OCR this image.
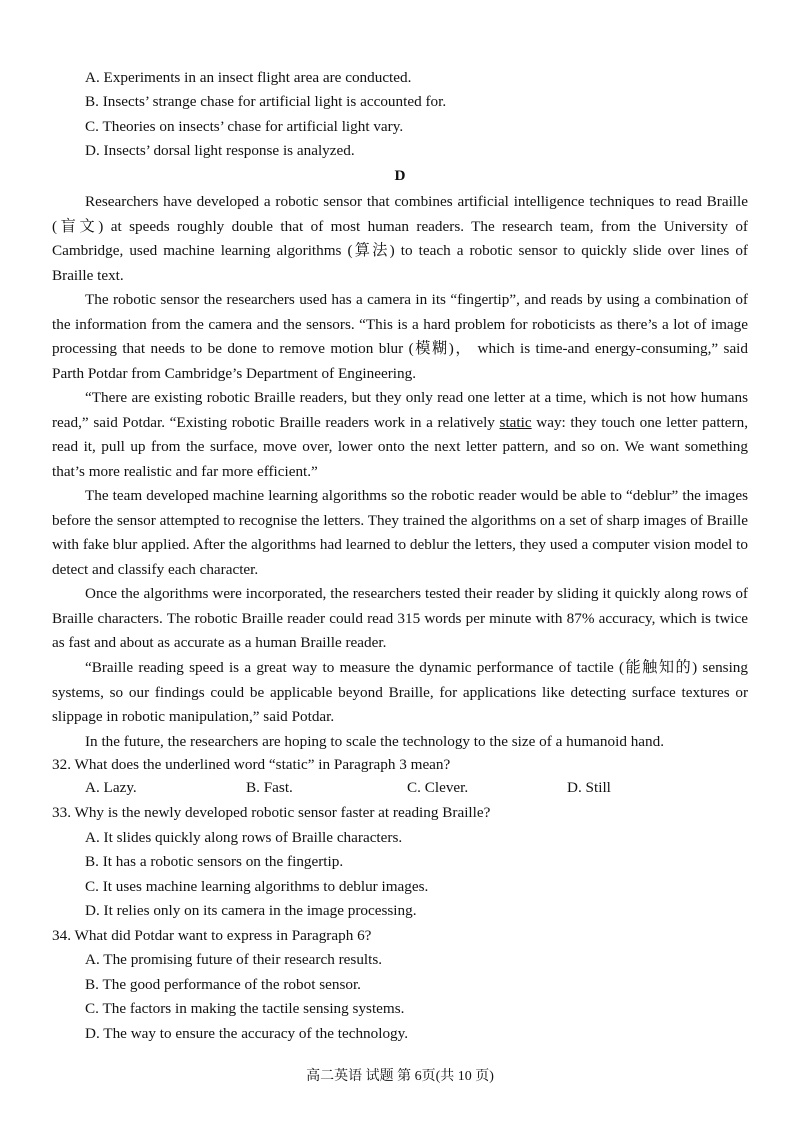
A. Experiments in an insect flight area are conducted.
B. Insects’ strange chase for artificial light is accounted for.
C. Theories on insects’ chase for artificial light vary.
D. Insects’ dorsal light response is analyzed.
D

Researchers have developed a robotic sensor that combines artificial intelligence techniques to read Braille (盲文) at speeds roughly double that of most human readers. The research team, from the University of Cambridge, used machine learning algorithms (算法) to teach a robotic sensor to quickly slide over lines of Braille text.

The robotic sensor the researchers used has a camera in its “fingertip”, and reads by using a combination of the information from the camera and the sensors. “This is a hard problem for roboticists as there’s a lot of image processing that needs to be done to remove motion blur (模糊)， which is time-and energy-consuming,” said Parth Potdar from Cambridge’s Department of Engineering.

“There are existing robotic Braille readers, but they only read one letter at a time, which is not how humans read,” said Potdar. “Existing robotic Braille readers work in a relatively static way: they touch one letter pattern, read it, pull up from the surface, move over, lower onto the next letter pattern, and so on. We want something that’s more realistic and far more efficient.”

The team developed machine learning algorithms so the robotic reader would be able to “deblur” the images before the sensor attempted to recognise the letters. They trained the algorithms on a set of sharp images of Braille with fake blur applied. After the algorithms had learned to deblur the letters, they used a computer vision model to detect and classify each character.

Once the algorithms were incorporated, the researchers tested their reader by sliding it quickly along rows of Braille characters. The robotic Braille reader could read 315 words per minute with 87% accuracy, which is twice as fast and about as accurate as a human Braille reader.

“Braille reading speed is a great way to measure the dynamic performance of tactile (能触知的) sensing systems, so our findings could be applicable beyond Braille, for applications like detecting surface textures or slippage in robotic manipulation,” said Potdar.

In the future, the researchers are hoping to scale the technology to the size of a humanoid hand.

32. What does the underlined word “static” in Paragraph 3 mean?
A. Lazy.	B. Fast.	C. Clever.	D. Still
33. Why is the newly developed robotic sensor faster at reading Braille?
A. It slides quickly along rows of Braille characters.
B. It has a robotic sensors on the fingertip.
C. It uses machine learning algorithms to deblur images.
D. It relies only on its camera in the image processing.
34. What did Potdar want to express in Paragraph 6?
A. The promising future of their research results.
B. The good performance of the robot sensor.
C. The factors in making the tactile sensing systems.
D. The way to ensure the accuracy of the technology.
高二英语 试题 第 6页(共 10 页)
